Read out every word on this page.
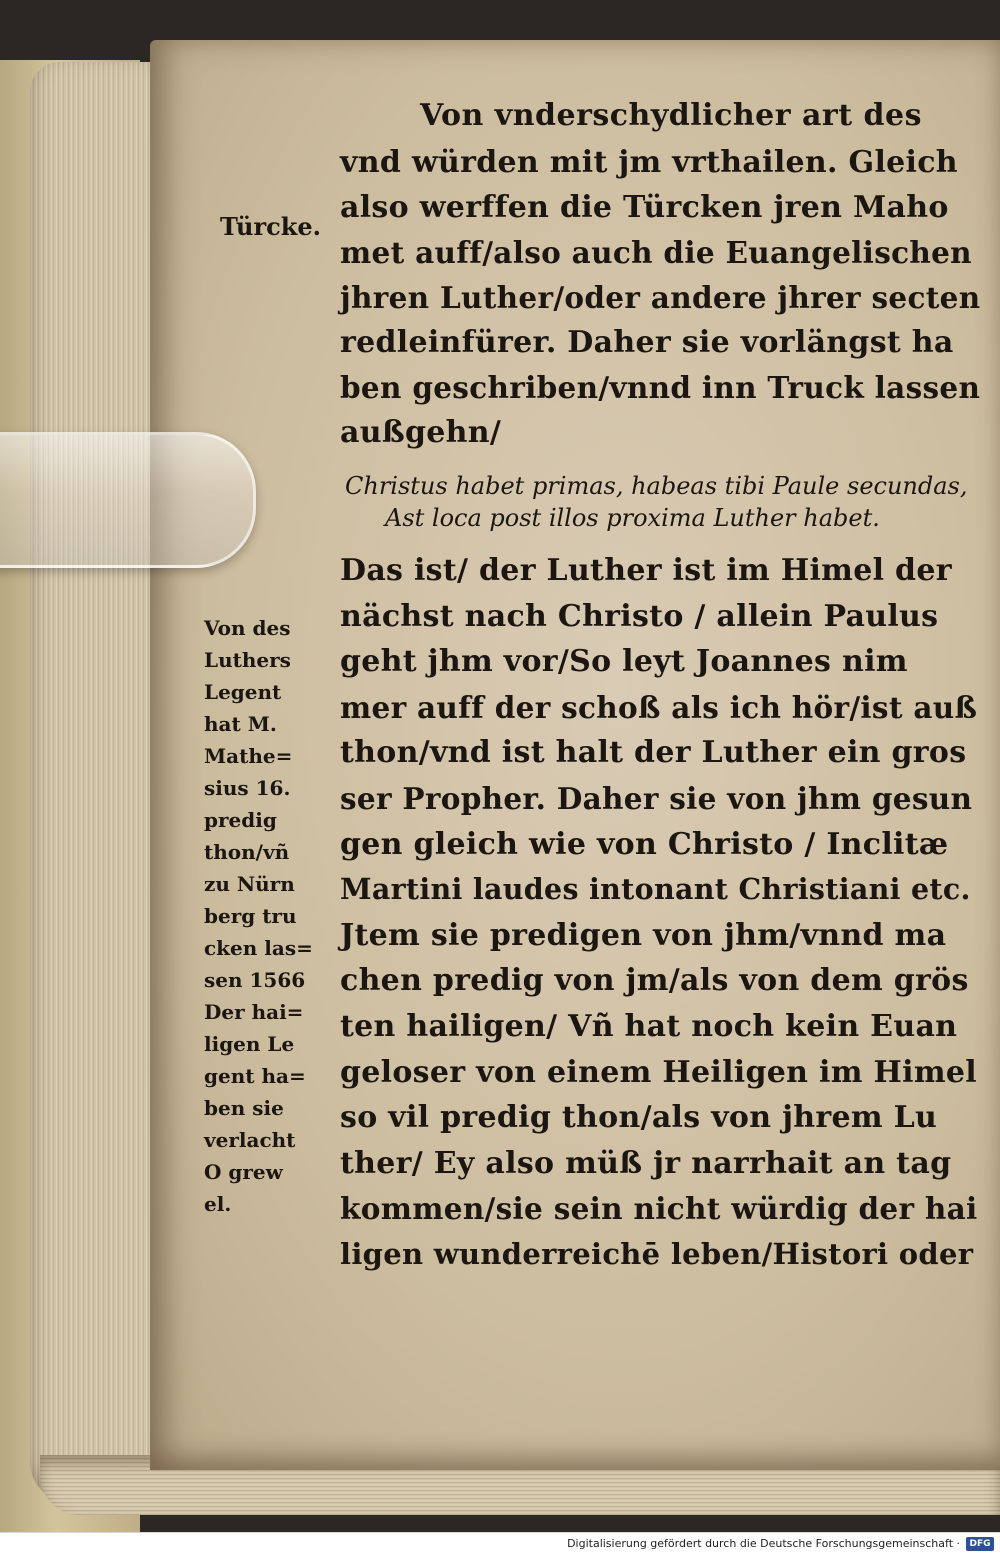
Von vnderschydlicher art des
Türcke.
vnd würden mit jm vrthailen. Gleich
also werffen die Türcken jren Maho
met auff/also auch die Euangelischen
jhren Luther/oder andere jhrer secten
redleinfürer. Daher sie vorlängst ha
ben geschriben/vnnd inn Truck lassen
außgehn/
Christus habet primas, habeas tibi Paule secundas,
Ast loca post illos proxima Luther habet.
Das ist/ der Luther ist im Himel der
nächst nach Christo / allein Paulus
geht jhm vor/So leyt Joannes nim
mer auff der schoß als ich hör/ist auß
thon/vnd ist halt der Luther ein gros
ser Propher. Daher sie von jhm gesun
gen gleich wie von Christo / Inclitæ
Martini laudes intonant Christiani etc.
Jtem sie predigen von jhm/vnnd ma
chen predig von jm/als von dem grös
ten hailigen/ Vñ hat noch kein Euan
geloser von einem Heiligen im Himel
so vil predig thon/als von jhrem Lu
ther/ Ey also müß jr narrhait an tag
kommen/sie sein nicht würdig der hai
ligen wunderreichē leben/Histori oder
Von des
Luthers
Legent
hat M.
Mathe=
sius 16.
predig
thon/vñ
zu Nürn
berg tru
cken las=
sen 1566
Der hai=
ligen Le
gent ha=
ben sie
verlacht
O grew
el.
Digitalisierung gefördert durch die Deutsche Forschungsgemeinschaft ·	DFG
